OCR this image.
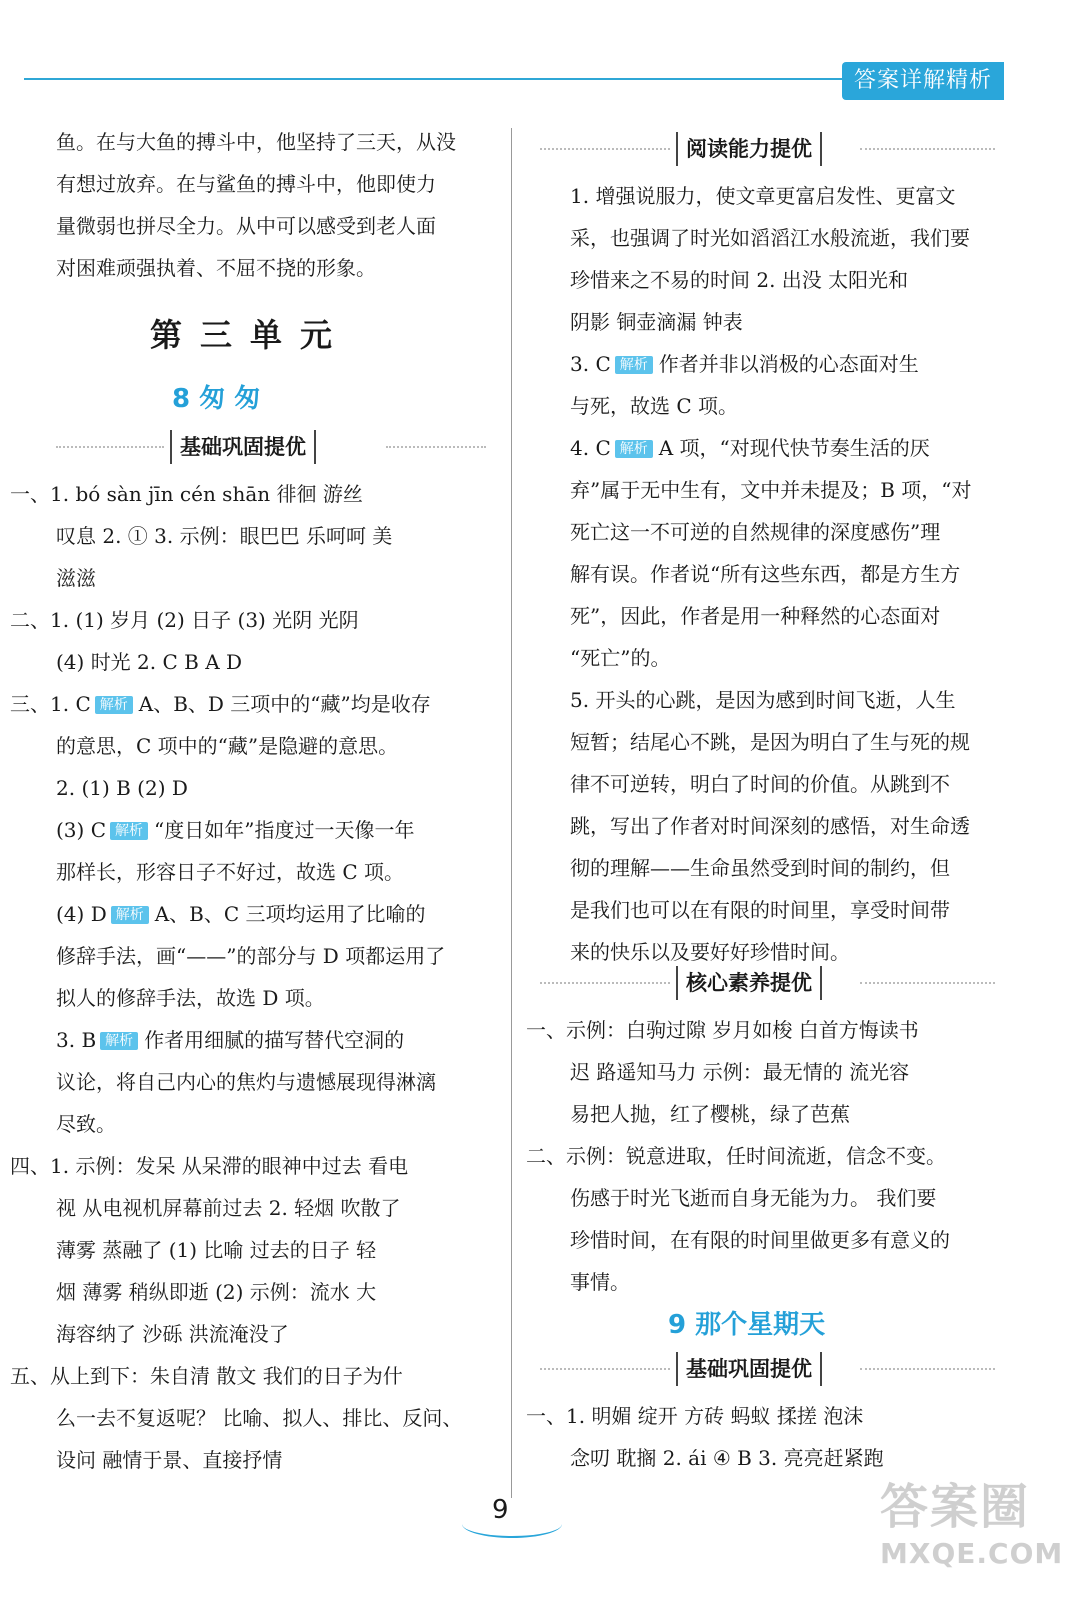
答案详解精析
鱼。在与大鱼的搏斗中，他坚持了三天，从没
有想过放弃。在与鲨鱼的搏斗中，他即使力
量微弱也拼尽全力。从中可以感受到老人面
对困难顽强执着、不屈不挠的形象。
第三单元
8 匆 匆
基础巩固提优
一、1. bó sàn jīn cén shān 徘徊 游丝
叹息 2. ① 3. 示例：眼巴巴 乐呵呵 美
滋滋
二、1. (1) 岁月 (2) 日子 (3) 光阴 光阴
(4) 时光 2. C B A D
三、1. C 解析 A、B、D 三项中的“藏”均是收存
的意思，C 项中的“藏”是隐避的意思。
2. (1) B (2) D
(3) C 解析 “度日如年”指度过一天像一年
那样长，形容日子不好过，故选 C 项。
(4) D 解析 A、B、C 三项均运用了比喻的
修辞手法，画“——”的部分与 D 项都运用了
拟人的修辞手法，故选 D 项。
3. B 解析 作者用细腻的描写替代空洞的
议论，将自己内心的焦灼与遗憾展现得淋漓
尽致。
四、1. 示例：发呆 从呆滞的眼神中过去 看电
视 从电视机屏幕前过去 2. 轻烟 吹散了
薄雾 蒸融了 (1) 比喻 过去的日子 轻
烟 薄雾 稍纵即逝 (2) 示例：流水 大
海容纳了 沙砾 洪流淹没了
五、从上到下：朱自清 散文 我们的日子为什
么一去不复返呢？ 比喻、拟人、排比、反问、
设问 融情于景、直接抒情
阅读能力提优
1. 增强说服力，使文章更富启发性、更富文
采，也强调了时光如滔滔江水般流逝，我们要
珍惜来之不易的时间 2. 出没 太阳光和
阴影 铜壶滴漏 钟表
3. C 解析 作者并非以消极的心态面对生
与死，故选 C 项。
4. C 解析 A 项，“对现代快节奏生活的厌
弃”属于无中生有，文中并未提及；B 项，“对
死亡这一不可逆的自然规律的深度感伤”理
解有误。作者说“所有这些东西，都是方生方
死”，因此，作者是用一种释然的心态面对
“死亡”的。
5. 开头的心跳，是因为感到时间飞逝，人生
短暂；结尾心不跳，是因为明白了生与死的规
律不可逆转，明白了时间的价值。从跳到不
跳，写出了作者对时间深刻的感悟，对生命透
彻的理解——生命虽然受到时间的制约，但
是我们也可以在有限的时间里，享受时间带
来的快乐以及要好好珍惜时间。
核心素养提优
一、示例：白驹过隙 岁月如梭 白首方悔读书
迟 路遥知马力 示例：最无情的 流光容
易把人抛，红了樱桃，绿了芭蕉
二、示例：锐意进取，任时间流逝，信念不变。
伤感于时光飞逝而自身无能为力。 我们要
珍惜时间，在有限的时间里做更多有意义的
事情。
9 那个星期天
基础巩固提优
一、1. 明媚 绽开 方砖 蚂蚁 揉搓 泡沫
念叨 耽搁 2. ái ④ B 3. 亮亮赶紧跑
9	答案圈
MXQE.COM
